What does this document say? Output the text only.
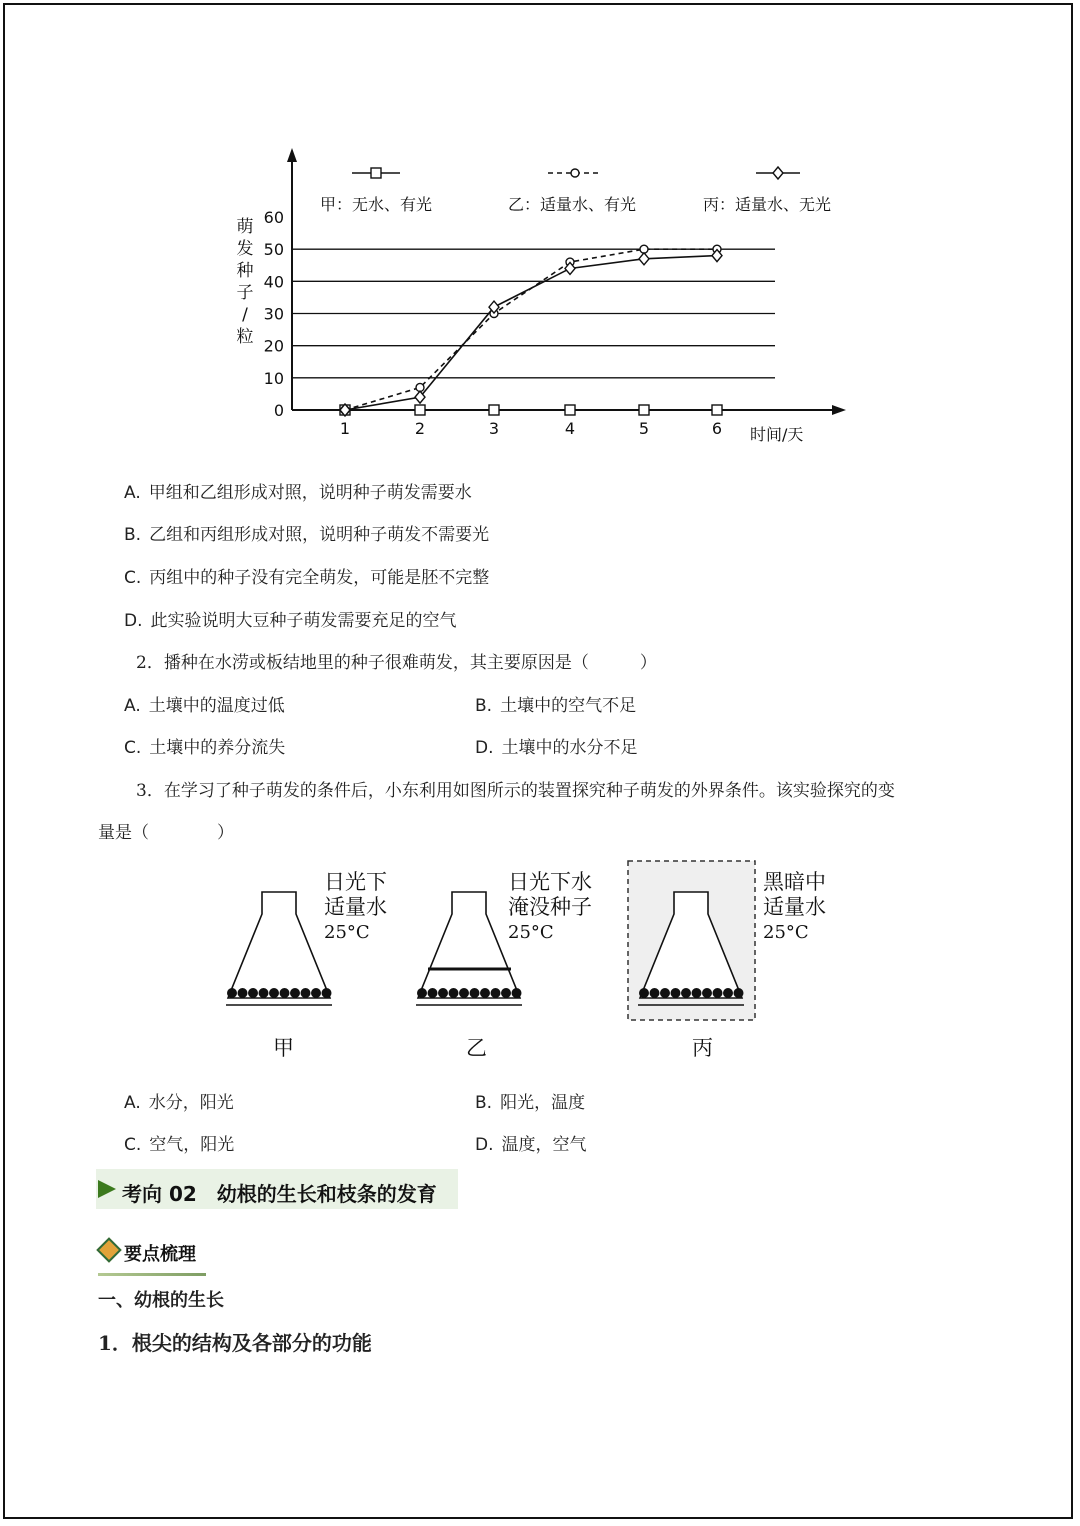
萌
发
种
子
/
粒
时间/天
0
10
20
30
40
50
60
1	2	3	4	5	6
甲：无水、有光	乙：适量水、有光	丙：适量水、无光
A. 甲组和乙组形成对照，说明种子萌发需要水
B. 乙组和丙组形成对照，说明种子萌发不需要光
C. 丙组中的种子没有完全萌发，可能是胚不完整
D. 此实验说明大豆种子萌发需要充足的空气
2．播种在水涝或板结地里的种子很难萌发，其主要原因是（　　　）
A. 土壤中的温度过低	B. 土壤中的空气不足
C. 土壤中的养分流失	D. 土壤中的水分不足
3．在学习了种子萌发的条件后，小东利用如图所示的装置探究种子萌发的外界条件。该实验探究的变
量是（　　　　）
日光下
适量水
25°C
日光下水
淹没种子
25°C
黑暗中
适量水
25°C
甲	乙	丙
A. 水分，阳光	B. 阳光，温度
C. 空气，阳光	D. 温度，空气
考向 02　幼根的生长和枝条的发育
要点梳理
一、幼根的生长
1．根尖的结构及各部分的功能
